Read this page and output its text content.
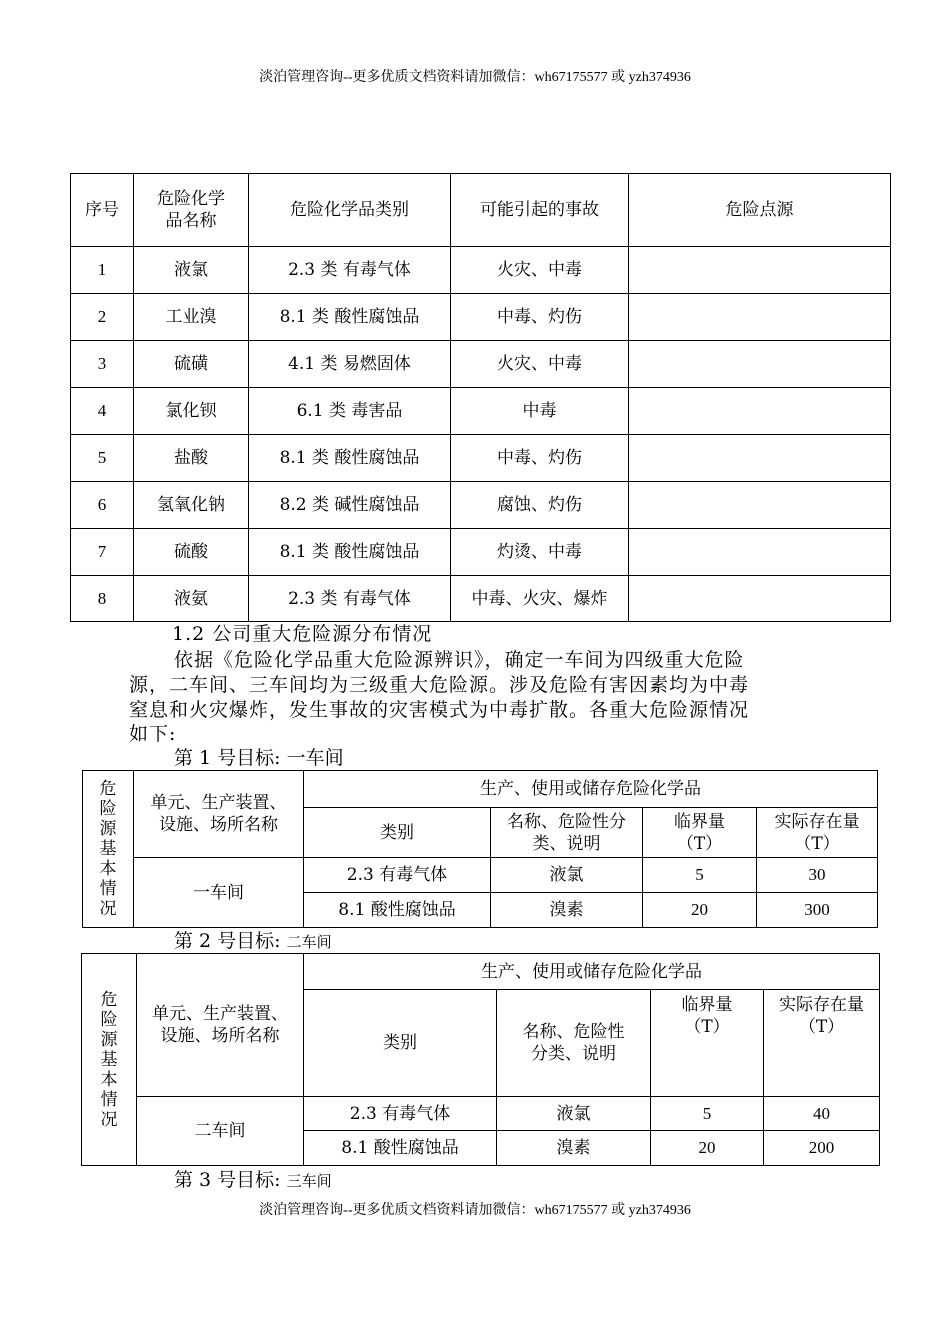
淡泊管理咨询--更多优质文档资料请加微信：wh67175577 或 yzh374936
序号	危险化学品名称	危险化学品类别	可能引起的事故	危险点源
1	液氯	2.3 类 有毒气体	火灾、中毒	
2	工业溴	8.1 类 酸性腐蚀品	中毒、灼伤	
3	硫磺	4.1 类 易燃固体	火灾、中毒	
4	氯化钡	6.1 类 毒害品	中毒	
5	盐酸	8.1 类 酸性腐蚀品	中毒、灼伤	
6	氢氧化钠	8.2 类 碱性腐蚀品	腐蚀、灼伤	
7	硫酸	8.1 类 酸性腐蚀品	灼烫、中毒	
8	液氨	2.3 类 有毒气体	中毒、火灾、爆炸	
1.2 公司重大危险源分布情况
依据《危险化学品重大危险源辨识》，确定一车间为四级重大危险
源，二车间、三车间均为三级重大危险源。涉及危险有害因素均为中毒
窒息和火灾爆炸，发生事故的灾害模式为中毒扩散。各重大危险源情况
如下:
第 1 号目标: 一车间
危险源基本情况	单元、生产装置、设施、场所名称	生产、使用或储存危险化学品			
		类别	名称、危险性分类、说明	临界量（T）	实际存在量（T）

	一车间	2.3 有毒气体	液氯	5	30
		8.1 酸性腐蚀品	溴素	20	300
第 2 号目标: 二车间
危险源基本情况	单元、生产装置、设施、场所名称	生产、使用或储存危险化学品			
		类别	名称、危险性分类、说明	临界量（T）	实际存在量（T）

	二车间	2.3 有毒气体	液氯	5	40
		8.1 酸性腐蚀品	溴素	20	200
第 3 号目标: 三车间
淡泊管理咨询--更多优质文档资料请加微信：wh67175577 或 yzh374936
